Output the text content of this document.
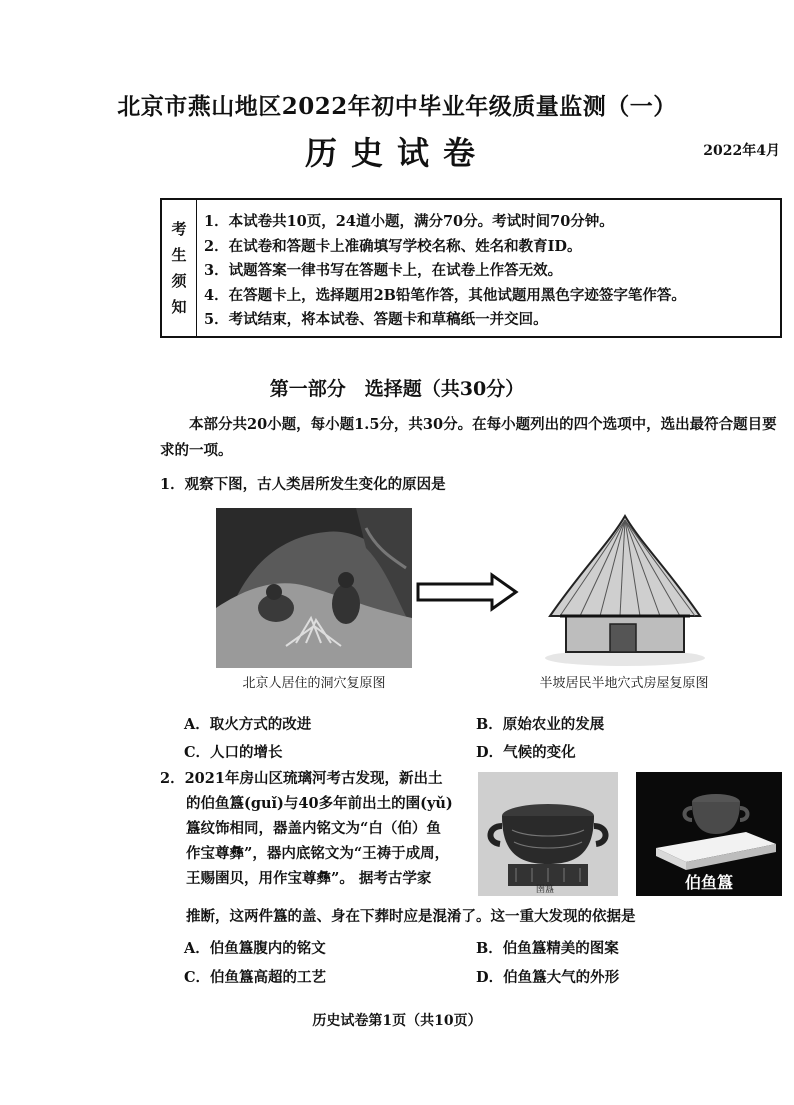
北京市燕山地区2022年初中毕业年级质量监测（一）
历史试卷	2022年4月
考
生
须
知
1．本试卷共10页，24道小题，满分70分。考试时间70分钟。
2．在试卷和答题卡上准确填写学校名称、姓名和教育ID。
3．试题答案一律书写在答题卡上，在试卷上作答无效。
4．在答题卡上，选择题用2B铅笔作答，其他试题用黑色字迹签字笔作答。
5．考试结束，将本试卷、答题卡和草稿纸一并交回。
第一部分　选择题（共30分）
本部分共20小题，每小题1.5分，共30分。在每小题列出的四个选项中，选出最符合题目要求的一项。
1．观察下图，古人类居所发生变化的原因是
北京人居住的洞穴复原图	半坡居民半地穴式房屋复原图
A．取火方式的改进	B．原始农业的发展
C．人口的增长	D．气候的变化
2．2021年房山区琉璃河考古发现，新出土
的伯鱼簋(guǐ)与40多年前出土的圉(yǔ)
簋纹饰相同，器盖内铭文为“白（伯）鱼
作宝尊彝”，器内底铭文为“王祷于成周，
王赐圉贝，用作宝尊彝”。 据考古学家
圉簋	伯鱼簋
推断，这两件簋的盖、身在下葬时应是混淆了。这一重大发现的依据是
A．伯鱼簋腹内的铭文	B．伯鱼簋精美的图案
C．伯鱼簋高超的工艺	D．伯鱼簋大气的外形
历史试卷第1页（共10页）
